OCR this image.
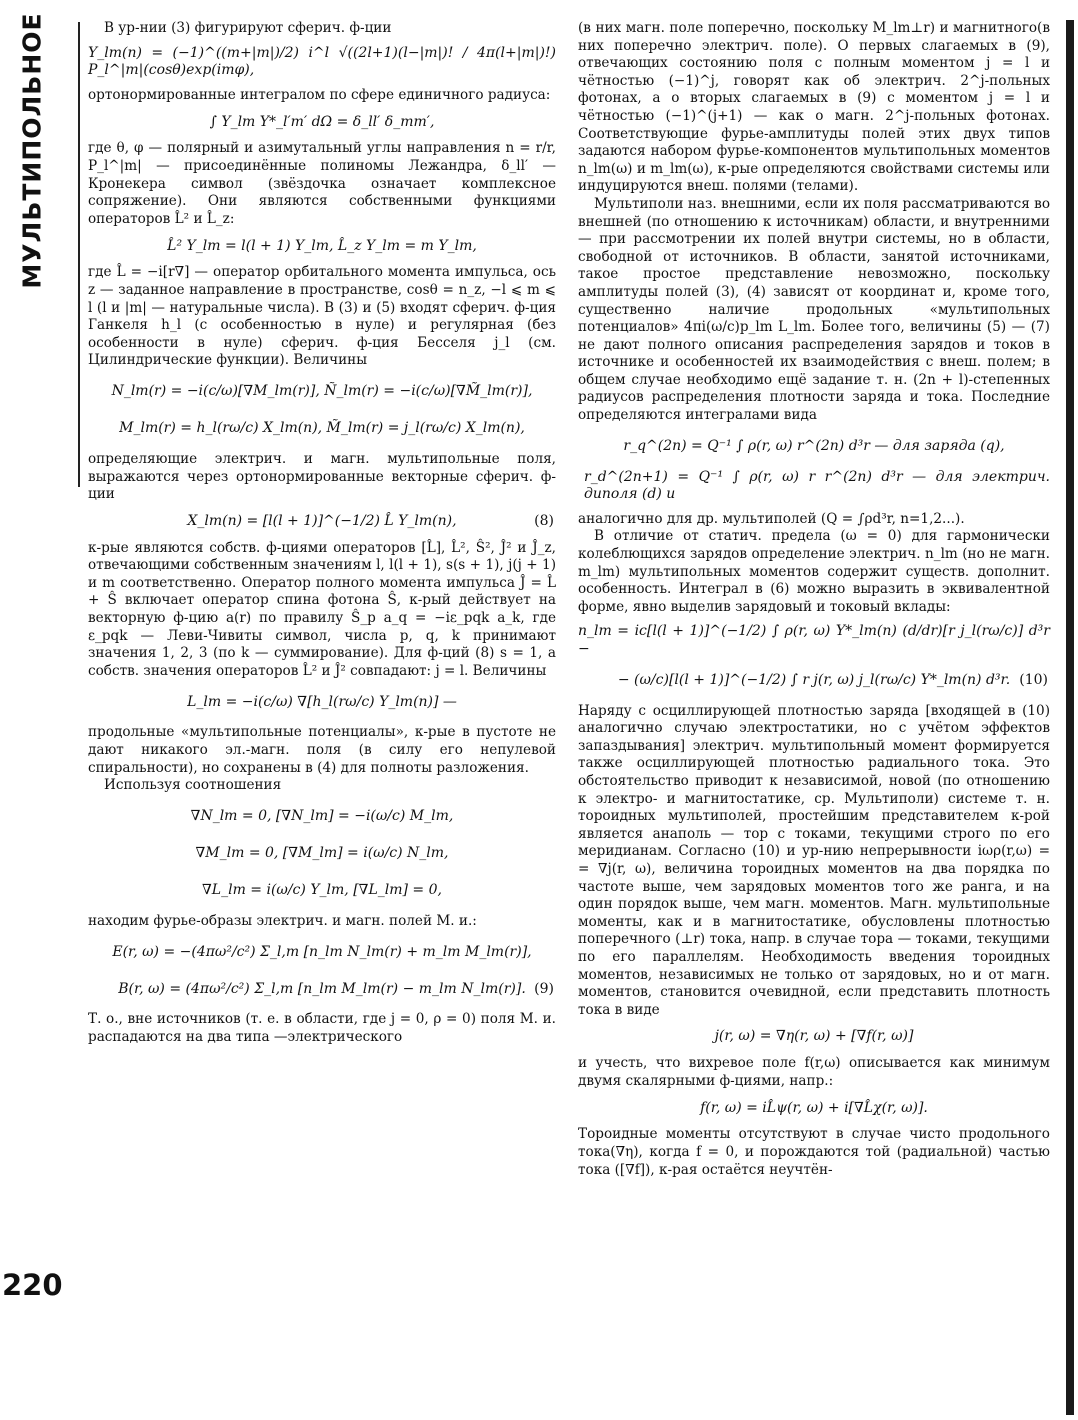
МУЛЬТИПОЛЬНОЕ
220

В ур-нии (3) фигурируют сферич. ф-ции

Y_lm(n) = (−1)^((m+|m|)/2) i^l √((2l+1)(l−|m|)! / 4π(l+|m|)!) P_l^|m|(cosθ)exp(imφ),

ортонормированные интегралом по сфере единичного радиуса:

∫ Y_lm Y*_l′m′ dΩ = δ_ll′ δ_mm′,

где θ, φ — полярный и азимутальный углы направления n = r/r, P_l^|m| — присоединённые полиномы Лежандра, δ_ll′ — Кронекера символ (звёздочка означает комплексное сопряжение). Они являются собственными функциями операторов L̂² и L̂_z:

L̂² Y_lm = l(l + 1) Y_lm, L̂_z Y_lm = m Y_lm,

где L̂ = −i[r∇] — оператор орбитального момента импульса, ось z — заданное направление в пространстве, cosθ = n_z, −l ⩽ m ⩽ l (l и |m| — натуральные числа). В (3) и (5) входят сферич. ф-ция Ганкеля h_l (с особенностью в нуле) и регулярная (без особенности в нуле) сферич. ф-ция Бесселя j_l (см. Цилиндрические функции). Величины

N_lm(r) = −i(c/ω)[∇M_lm(r)], Ñ_lm(r) = −i(c/ω)[∇M̃_lm(r)],
M_lm(r) = h_l(rω/c) X_lm(n), M̃_lm(r) = j_l(rω/c) X_lm(n),

определяющие электрич. и магн. мультипольные поля, выражаются через ортонормированные векторные сферич. ф-ции

X_lm(n) = [l(l + 1)]^(−1/2) L̂ Y_lm(n),	(8)

к-рые являются собств. ф-циями операторов [L̂], L̂², Ŝ², Ĵ² и Ĵ_z, отвечающими собственным значениям l, l(l + 1), s(s + 1), j(j + 1) и m соответственно. Оператор полного момента импульса Ĵ = L̂ + Ŝ включает оператор спина фотона Ŝ, к-рый действует на векторную ф-цию a(r) по правилу Ŝ_p a_q = −iε_pqk a_k, где ε_pqk — Леви-Чивиты символ, числа p, q, k принимают значения 1, 2, 3 (по k — суммирование). Для ф-ций (8) s = 1, а собств. значения операторов L̂² и Ĵ² совпадают: j = l. Величины

L_lm = −i(c/ω) ∇[h_l(rω/c) Y_lm(n)] —

продольные «мультипольные потенциалы», к-рые в пустоте не дают никакого эл.-магн. поля (в силу его непулевой спиральности), но сохранены в (4) для полноты разложения.

Используя соотношения

∇N_lm = 0, [∇N_lm] = −i(ω/c) M_lm,
∇M_lm = 0, [∇M_lm] = i(ω/c) N_lm,
∇L_lm = i(ω/c) Y_lm, [∇L_lm] = 0,

находим фурье-образы электрич. и магн. полей М. и.:

E(r, ω) = −(4πω²/c²) Σ_l,m [n_lm N_lm(r) + m_lm M_lm(r)],
B(r, ω) = (4πω²/c²) Σ_l,m [n_lm M_lm(r) − m_lm N_lm(r)]. (9)

Т. о., вне источников (т. е. в области, где j = 0, ρ = 0) поля М. и. распадаются на два типа —электрического

(в них магн. поле поперечно, поскольку M_lm⊥r) и магнитного(в них поперечно электрич. поле). О первых слагаемых в (9), отвечающих состоянию поля с полным моментом j = l и чётностью (−1)^j, говорят как об электрич. 2^j-польных фотонах, а о вторых слагаемых в (9) с моментом j = l и чётностью (−1)^(j+1) — как о магн. 2^j-польных фотонах. Соответствующие фурье-амплитуды полей этих двух типов задаются набором фурье-компонентов мультипольных моментов n_lm(ω) и m_lm(ω), к-рые определяются свойствами системы или индуцируются внеш. полями (телами).

Мультиполи наз. внешними, если их поля рассматриваются во внешней (по отношению к источникам) области, и внутренними — при рассмотрении их полей внутри системы, но в области, свободной от источников. В области, занятой источниками, такое простое представление невозможно, поскольку амплитуды полей (3), (4) зависят от координат и, кроме того, существенно наличие продольных «мультипольных потенциалов» 4πi(ω/c)p_lm L_lm. Более того, величины (5) — (7) не дают полного описания распределения зарядов и токов в источнике и особенностей их взаимодействия с внеш. полем; в общем случае необходимо ещё задание т. н. (2n + l)-степенных радиусов распределения плотности заряда и тока. Последние определяются интегралами вида

r_q^(2n) = Q⁻¹ ∫ ρ(r, ω) r^(2n) d³r — для заряда (q),
r_d^(2n+1) = Q⁻¹ ∫ ρ(r, ω) r r^(2n) d³r — для электрич. диполя (d) и

аналогично для др. мультиполей (Q = ∫ρd³r, n=1,2...).

В отличие от статич. предела (ω = 0) для гармонически колеблющихся зарядов определение электрич. n_lm (но не магн. m_lm) мультипольных моментов содержит существ. дополнит. особенность. Интеграл в (6) можно выразить в эквивалентной форме, явно выделив зарядовый и токовый вклады:

n_lm = ic[l(l + 1)]^(−1/2) ∫ ρ(r, ω) Y*_lm(n) (d/dr)[r j_l(rω/c)] d³r −
− (ω/c)[l(l + 1)]^(−1/2) ∫ r j(r, ω) j_l(rω/c) Y*_lm(n) d³r. (10)

Наряду с осциллирующей плотностью заряда [входящей в (10) аналогично случаю электростатики, но с учётом эффектов запаздывания] электрич. мультипольный момент формируется также осциллирующей плотностью радиального тока. Это обстоятельство приводит к независимой, новой (по отношению к электро- и магнитостатике, ср. Мультиполи) системе т. н. тороидных мультиполей, простейшим представителем к-рой является анаполь — тор с токами, текущими строго по его меридианам. Согласно (10) и ур-нию непрерывности iωρ(r,ω) = = ∇j(r, ω), величина тороидных моментов на два порядка по частоте выше, чем зарядовых моментов того же ранга, и на один порядок выше, чем магн. моментов. Магн. мультипольные моменты, как и в магнитостатике, обусловлены плотностью поперечного (⊥r) тока, напр. в случае тора — токами, текущими по его параллелям. Необходимость введения тороидных моментов, независимых не только от зарядовых, но и от магн. моментов, становится очевидной, если представить плотность тока в виде

j(r, ω) = ∇η(r, ω) + [∇f(r, ω)]

и учесть, что вихревое поле f(r,ω) описывается как минимум двумя скалярными ф-циями, напр.:

f(r, ω) = iL̂ψ(r, ω) + i[∇L̂χ(r, ω)].

Тороидные моменты отсутствуют в случае чисто продольного тока(∇η), когда f = 0, и порождаются той (радиальной) частью тока ([∇f]), к-рая остаётся неучтён-
